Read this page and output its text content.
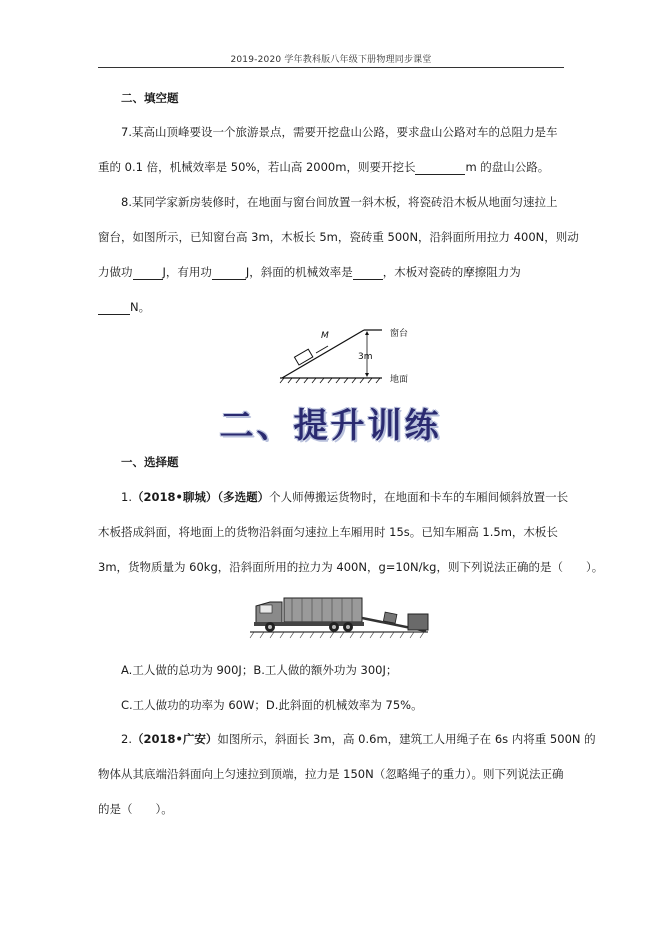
2019-2020 学年教科版八年级下册物理同步课堂
二、填空题
7.某高山顶峰要设一个旅游景点，需要开挖盘山公路，要求盘山公路对车的总阻力是车
重的 0.1 倍，机械效率是 50%，若山高 2000m，则要开挖长	m 的盘山公路。
8.某同学家新房装修时，在地面与窗台间放置一斜木板，将瓷砖沿木板从地面匀速拉上
窗台，如图所示，已知窗台高 3m，木板长 5m，瓷砖重 500N，沿斜面所用拉力 400N，则动
力做功	J，有用功	J，斜面的机械效率是	，木板对瓷砖的摩擦阻力为
N。
M
3m
窗台
地面
二、提升训练
一、选择题
1.（2018•聊城）（多选题）个人师傅搬运货物时，在地面和卡车的车厢间倾斜放置一长
木板搭成斜面，将地面上的货物沿斜面匀速拉上车厢用时 15s。已知车厢高 1.5m，木板长
3m，货物质量为 60kg，沿斜面所用的拉力为 400N，g=10N/kg，则下列说法正确的是（　　）。
A.工人做的总功为 900J；B.工人做的额外功为 300J；
C.工人做功的功率为 60W；D.此斜面的机械效率为 75%。
2.（2018•广安）如图所示，斜面长 3m，高 0.6m，建筑工人用绳子在 6s 内将重 500N 的
物体从其底端沿斜面向上匀速拉到顶端，拉力是 150N（忽略绳子的重力）。则下列说法正确
的是（　　）。
